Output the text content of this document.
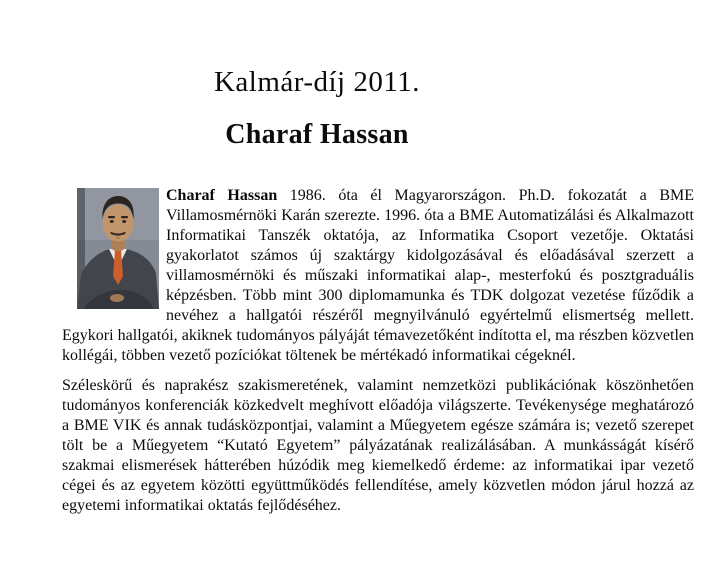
Kalmár-díj 2011.
Charaf Hassan

Charaf Hassan 1986. óta él Magyarországon. Ph.D. fokozatát a BME Villamosmérnöki Karán szerezte. 1996. óta a BME Automatizálási és Alkalmazott Informatikai Tanszék oktatója, az Informatika Csoport vezetője. Oktatási gyakorlatot számos új szaktárgy kidolgozásával és előadásával szerzett a villamosmérnöki és műszaki informatikai alap-, mesterfokú és posztgraduális képzésben. Több mint 300 diplomamunka és TDK dolgozat vezetése fűződik a nevéhez a hallgatói részéről megnyilvánuló egyértelmű elismertség mellett. Egykori hallgatói, akiknek tudományos pályáját témavezetőként indította el, ma részben közvetlen kollégái, többen vezető pozíciókat töltenek be mértékadó informatikai cégeknél.

Széleskörű és naprakész szakismeretének, valamint nemzetközi publikációnak köszönhetően tudományos konferenciák közkedvelt meghívott előadója világszerte. Tevékenysége meghatározó a BME VIK és annak tudásközpontjai, valamint a Műegyetem egésze számára is; vezető szerepet tölt be a Műegyetem “Kutató Egyetem” pályázatának realizálásában. A munkásságát kísérő szakmai elismerések hátterében húzódik meg kiemelkedő érdeme: az informatikai ipar vezető cégei és az egyetem közötti együttműködés fellendítése, amely közvetlen módon járul hozzá az egyetemi informatikai oktatás fejlődéséhez.
